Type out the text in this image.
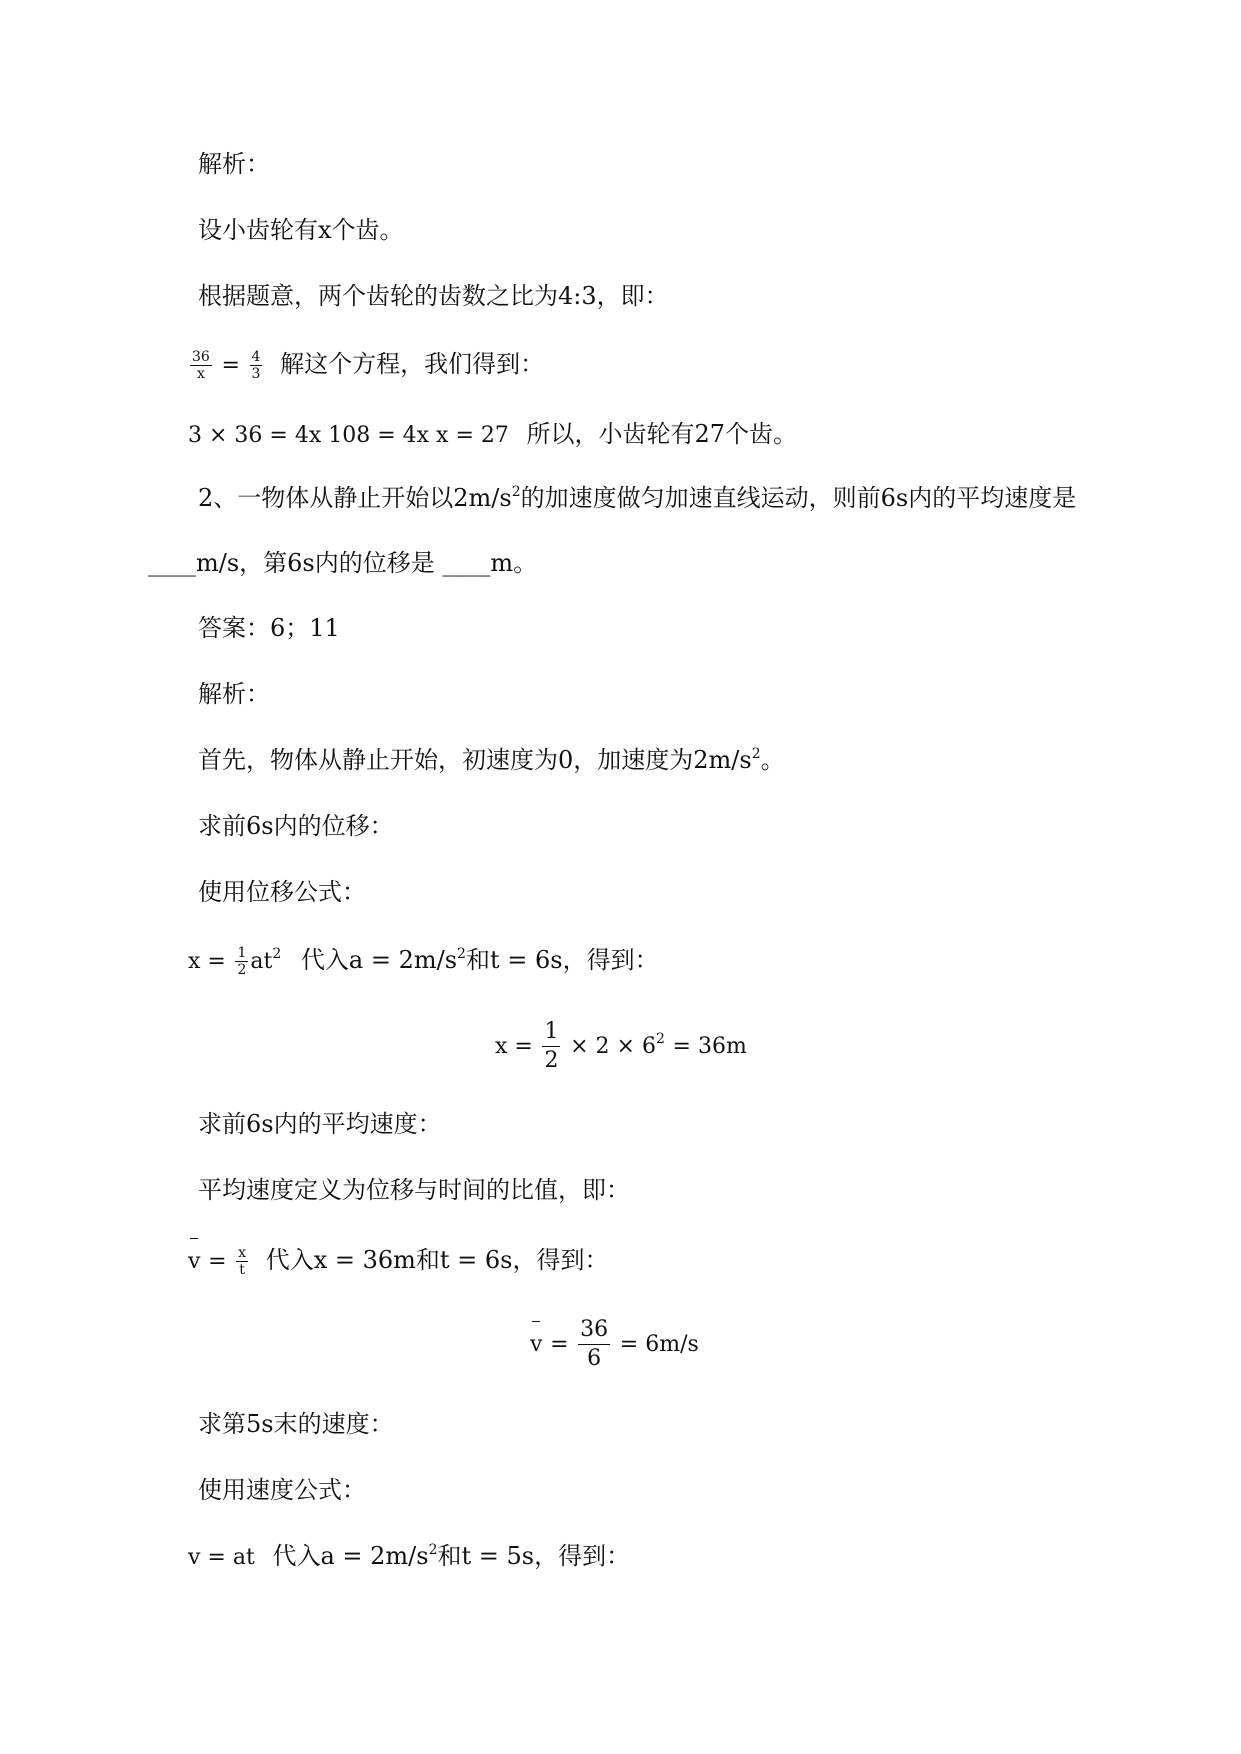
解析：
设小齿轮有x个齿。
根据题意，两个齿轮的齿数之比为4:3，即：
$\frac{36}{x} = \frac{4}{3}$ 解这个方程，我们得到：
3 × 36 = 4x 108 = 4x x = 27 所以，小齿轮有27个齿。
2、一物体从静止开始以$2m/s^2$的加速度做匀加速直线运动，则前6s内的平均速度是
____m/s，第6s内的位移是 ____m。
答案：6；11
解析：
首先，物体从静止开始，初速度为0，加速度为$2m/s^2$。
求前6s内的位移：
使用位移公式：
$x = \frac{1}{2} at^2$ 代入$a = 2m/s^2$和t = 6s，得到：
$x = \frac{1}{2} \times 2 \times 6^2 = 36m$
求前6s内的平均速度：
平均速度定义为位移与时间的比值，即：
$v = \frac{x}{t}$ 代入x = 36m和t = 6s，得到：
$v = \frac{36}{6} = 6m/s$
求第5s末的速度：
使用速度公式：
v = at 代入$a = 2m/s^2$和t = 5s，得到：
